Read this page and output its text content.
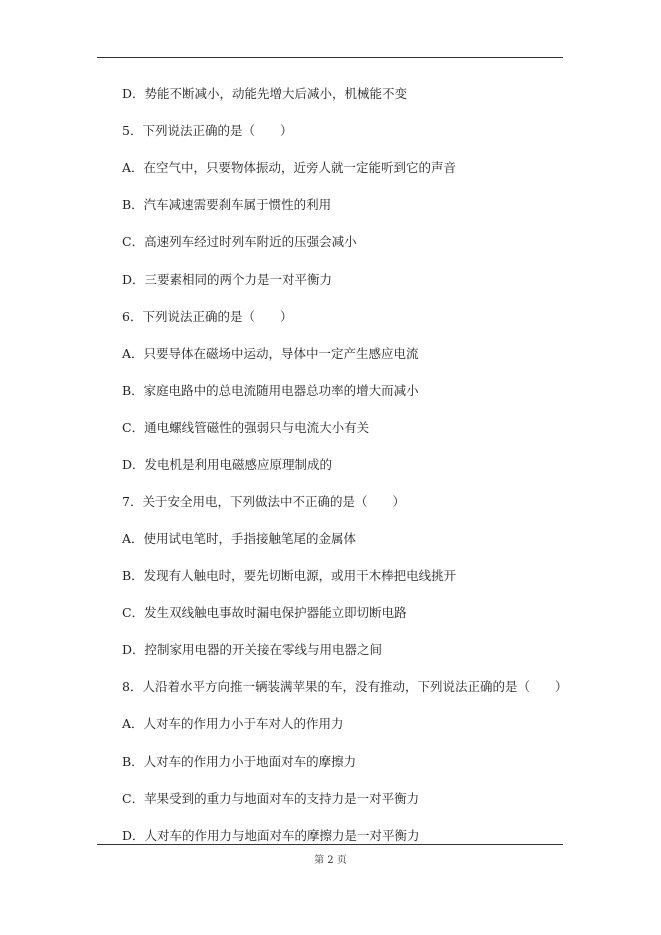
D．势能不断减小，动能先增大后减小，机械能不变
5．下列说法正确的是（　　）
A．在空气中，只要物体振动，近旁人就一定能听到它的声音
B．汽车减速需要刹车属于惯性的利用
C．高速列车经过时列车附近的压强会减小
D．三要素相同的两个力是一对平衡力
6．下列说法正确的是（　　）
A．只要导体在磁场中运动，导体中一定产生感应电流
B．家庭电路中的总电流随用电器总功率的增大而减小
C．通电螺线管磁性的强弱只与电流大小有关
D．发电机是利用电磁感应原理制成的
7．关于安全用电，下列做法中不正确的是（　　）
A．使用试电笔时，手指接触笔尾的金属体
B．发现有人触电时，要先切断电源，或用干木棒把电线挑开
C．发生双线触电事故时漏电保护器能立即切断电路
D．控制家用电器的开关接在零线与用电器之间
8．人沿着水平方向推一辆装满苹果的车，没有推动，下列说法正确的是（　　）
A．人对车的作用力小于车对人的作用力
B．人对车的作用力小于地面对车的摩擦力
C．苹果受到的重力与地面对车的支持力是一对平衡力
D．人对车的作用力与地面对车的摩擦力是一对平衡力
第 2 页
